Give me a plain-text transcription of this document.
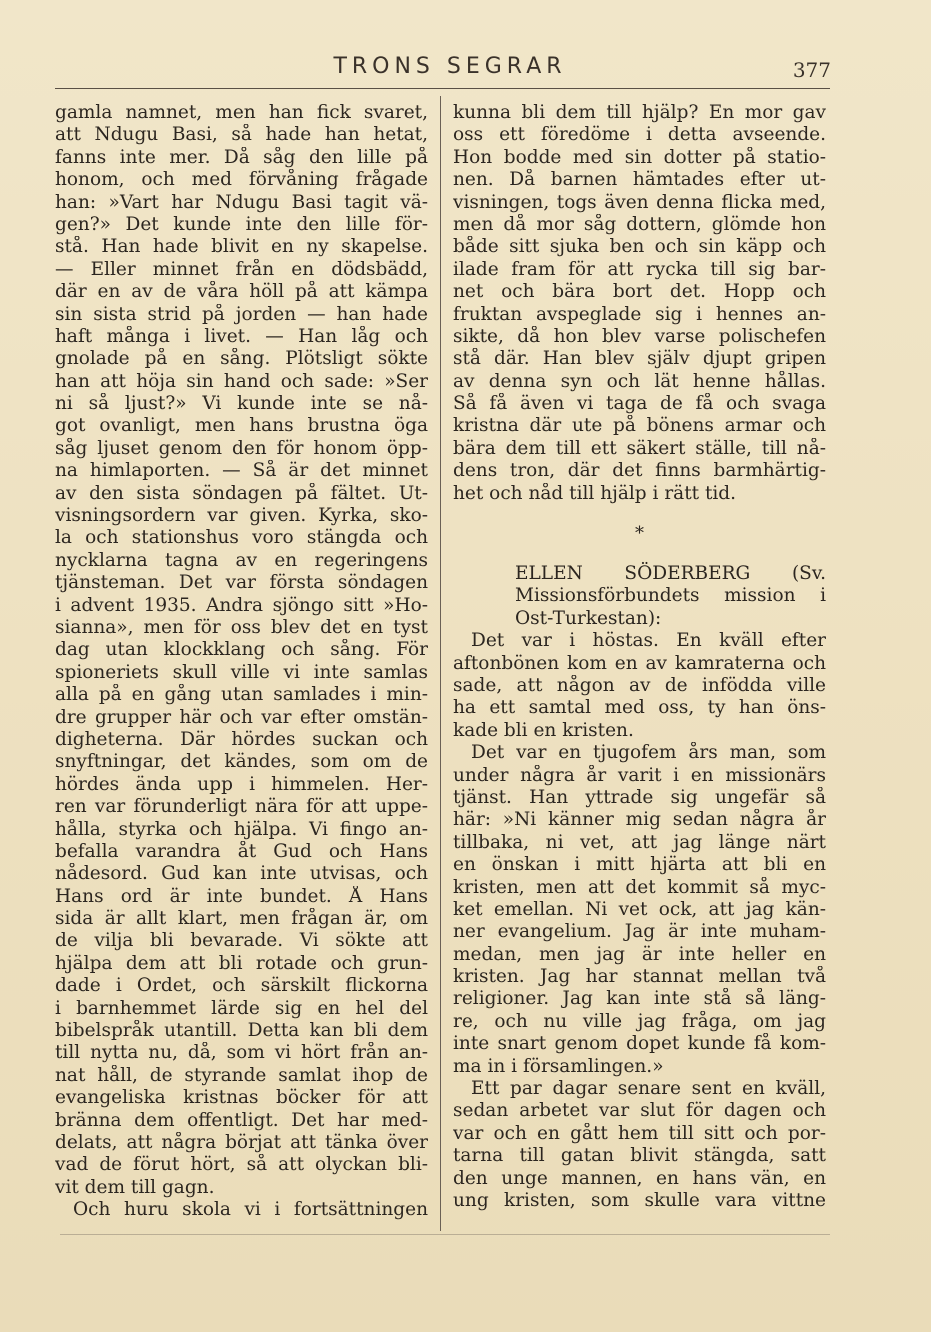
TRONS SEGRAR	377
gamla namnet, men han fick svaret,
att Ndugu Basi, så hade han hetat,
fanns inte mer. Då såg den lille på
honom, och med förvåning frågade
han: »Vart har Ndugu Basi tagit vä-
gen?» Det kunde inte den lille för-
stå. Han hade blivit en ny skapelse.
— Eller minnet från en dödsbädd,
där en av de våra höll på att kämpa
sin sista strid på jorden — han hade
haft många i livet. — Han låg och
gnolade på en sång. Plötsligt sökte
han att höja sin hand och sade: »Ser
ni så ljust?» Vi kunde inte se nå-
got ovanligt, men hans brustna öga
såg ljuset genom den för honom öpp-
na himlaporten. — Så är det minnet
av den sista söndagen på fältet. Ut-
visningsordern var given. Kyrka, sko-
la och stationshus voro stängda och
nycklarna tagna av en regeringens
tjänsteman. Det var första söndagen
i advent 1935. Andra sjöngo sitt »Ho-
sianna», men för oss blev det en tyst
dag utan klockklang och sång. För
spioneriets skull ville vi inte samlas
alla på en gång utan samlades i min-
dre grupper här och var efter omstän-
digheterna. Där hördes suckan och
snyftningar, det kändes, som om de
hördes ända upp i himmelen. Her-
ren var förunderligt nära för att uppe-
hålla, styrka och hjälpa. Vi fingo an-
befalla varandra åt Gud och Hans
nådesord. Gud kan inte utvisas, och
Hans ord är inte bundet. Å Hans
sida är allt klart, men frågan är, om
de vilja bli bevarade. Vi sökte att
hjälpa dem att bli rotade och grun-
dade i Ordet, och särskilt flickorna
i barnhemmet lärde sig en hel del
bibelspråk utantill. Detta kan bli dem
till nytta nu, då, som vi hört från an-
nat håll, de styrande samlat ihop de
evangeliska kristnas böcker för att
bränna dem offentligt. Det har med-
delats, att några börjat att tänka över
vad de förut hört, så att olyckan bli-
vit dem till gagn.
Och huru skola vi i fortsättningen
kunna bli dem till hjälp? En mor gav
oss ett föredöme i detta avseende.
Hon bodde med sin dotter på statio-
nen. Då barnen hämtades efter ut-
visningen, togs även denna flicka med,
men då mor såg dottern, glömde hon
både sitt sjuka ben och sin käpp och
ilade fram för att rycka till sig bar-
net och bära bort det. Hopp och
fruktan avspeglade sig i hennes an-
sikte, då hon blev varse polischefen
stå där. Han blev själv djupt gripen
av denna syn och lät henne hållas.
Så få även vi taga de få och svaga
kristna där ute på bönens armar och
bära dem till ett säkert ställe, till nå-
dens tron, där det finns barmhärtig-
het och nåd till hjälp i rätt tid.
*
ELLEN SÖDERBERG (Sv.
Missionsförbundets mission i
Ost-Turkestan):
Det var i höstas. En kväll efter
aftonbönen kom en av kamraterna och
sade, att någon av de infödda ville
ha ett samtal med oss, ty han öns-
kade bli en kristen.
Det var en tjugofem års man, som
under några år varit i en missionärs
tjänst. Han yttrade sig ungefär så
här: »Ni känner mig sedan några år
tillbaka, ni vet, att jag länge närt
en önskan i mitt hjärta att bli en
kristen, men att det kommit så myc-
ket emellan. Ni vet ock, att jag kän-
ner evangelium. Jag är inte muham-
medan, men jag är inte heller en
kristen. Jag har stannat mellan två
religioner. Jag kan inte stå så läng-
re, och nu ville jag fråga, om jag
inte snart genom dopet kunde få kom-
ma in i församlingen.»
Ett par dagar senare sent en kväll,
sedan arbetet var slut för dagen och
var och en gått hem till sitt och por-
tarna till gatan blivit stängda, satt
den unge mannen, en hans vän, en
ung kristen, som skulle vara vittne
